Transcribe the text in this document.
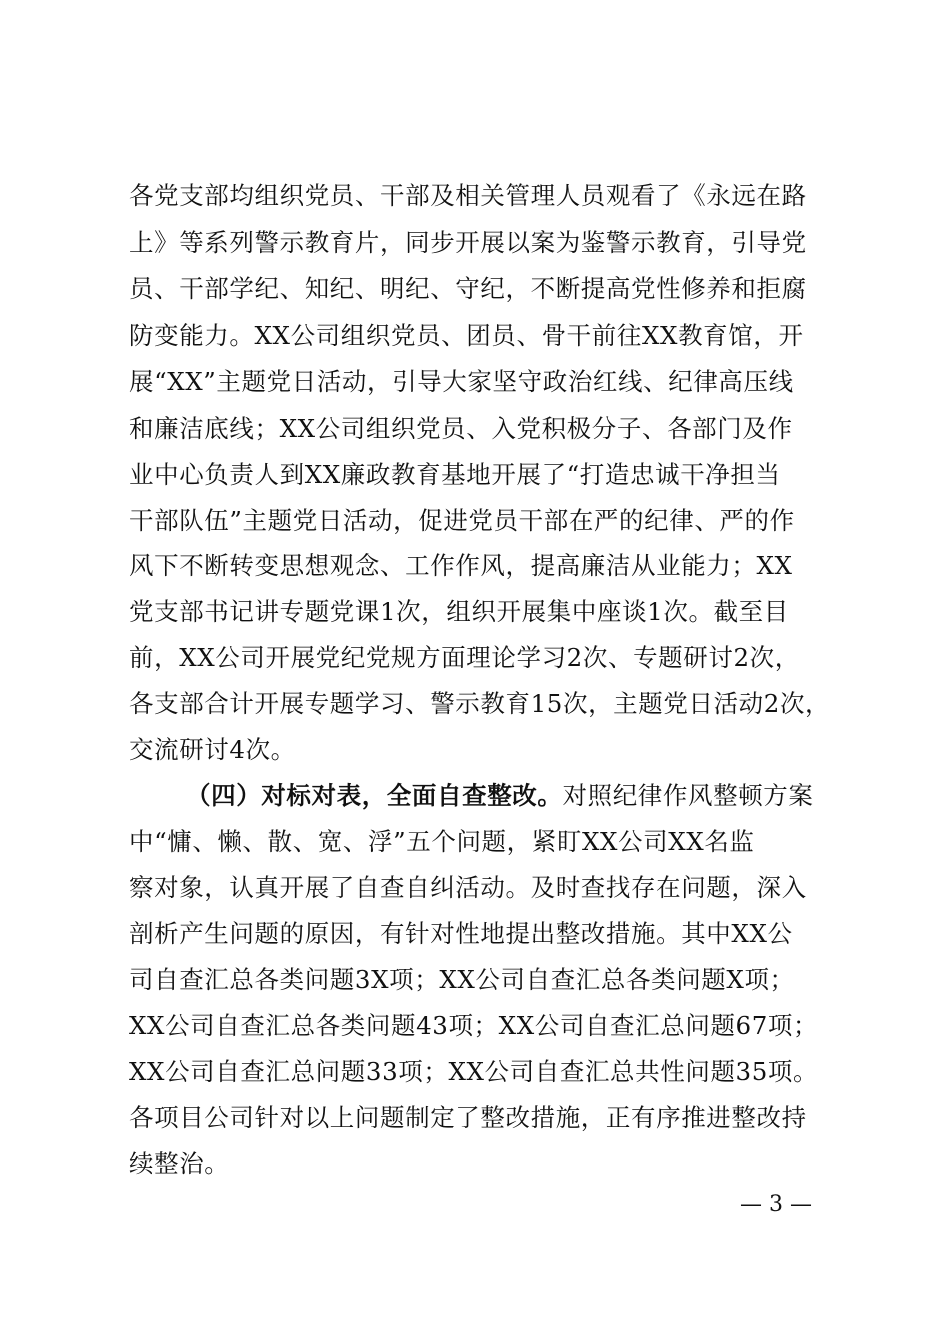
各党支部均组织党员、干部及相关管理人员观看了《永远在路
上》等系列警示教育片，同步开展以案为鉴警示教育，引导党
员、干部学纪、知纪、明纪、守纪，不断提高党性修养和拒腐
防变能力。XX公司组织党员、团员、骨干前往XX教育馆，开
展“XX”主题党日活动，引导大家坚守政治红线、纪律高压线
和廉洁底线；XX公司组织党员、入党积极分子、各部门及作
业中心负责人到XX廉政教育基地开展了“打造忠诚干净担当
干部队伍”主题党日活动，促进党员干部在严的纪律、严的作
风下不断转变思想观念、工作作风，提高廉洁从业能力；XX
党支部书记讲专题党课1次，组织开展集中座谈1次。截至目
前，XX公司开展党纪党规方面理论学习2次、专题研讨2次，
各支部合计开展专题学习、警示教育15次，主题党日活动2次，
交流研讨4次。
（四）对标对表，全面自查整改。对照纪律作风整顿方案
中“慵、懒、散、宽、浮”五个问题，紧盯XX公司XX名监
察对象，认真开展了自查自纠活动。及时查找存在问题，深入
剖析产生问题的原因，有针对性地提出整改措施。其中XX公
司自查汇总各类问题3X项；XX公司自查汇总各类问题X项；
XX公司自查汇总各类问题43项；XX公司自查汇总问题67项；
XX公司自查汇总问题33项；XX公司自查汇总共性问题35项。
各项目公司针对以上问题制定了整改措施，正有序推进整改持
续整治。
— 3 —
